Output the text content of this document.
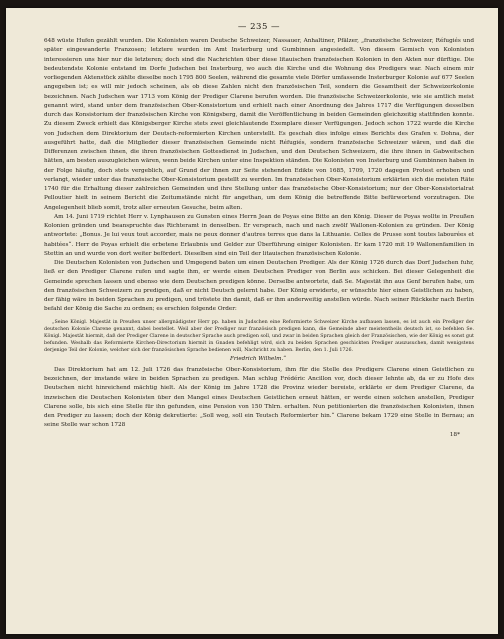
— 235 —

648 wüste Hufen gezählt wurden. Die Kolonisten waren Deutsche Schweizer, Nassauer, Anhaltiner, Pfälzer, „französische Schweizer, Réfugiés und später eingewanderte Franzosen; letztere wurden im Amt Insterburg und Gumbinnen angesiedelt. Von diesem Gemisch von Kolonisten interessieren uns hier nur die letzteren; doch sind die Nachrichten über diese litauischen französischen Kolonien in den Akten nur dürftige. Die bedeutendste Kolonie entstand im Dorfe Judschen bei Insterburg, wo auch die Kirche und die Wohnung des Predigers war. Nach einem mir vorliegenden Aktenstück zählte dieselbe noch 1795 800 Seelen, während die gesamte viele Dörfer umfassende Insterburger Kolonie auf 677 Seelen angegeben ist; es will mir jedoch scheinen, als ob diese Zahlen nicht den französischen Teil, sondern die Gesamtheit der Schweizerkolonie bezeichnen. Nach Judschen war 1713 vom König der Prediger Clarene berufen worden. Die französische Schweizerkolonie, wie sie amtlich meist genannt wird, stand unter dem französischen Ober-Konsistorium und erhielt nach einer Anordnung des Jahres 1717 die Verfügungen desselben durch das Konsistorium der französischen Kirche von Königsberg, damit die Veröffentlichung in beiden Gemeinden gleichzeitig stattfinden konnte. Zu diesem Zweck erhielt das Königsberger Kirche stets zwei gleichlautende Exemplare dieser Verfügungen. Jedoch schon 1722 wurde die Kirche von Judschen dem Direktorium der Deutsch-reformierten Kirchen unterstellt. Es geschah dies infolge eines Berichts des Grafen v. Dohna, der ausgeführt hatte, daß die Mitglieder dieser französischen Gemeinde nicht Réfugiés, sondern französische Schweizer wären, und daß die Differenzen zwischen ihnen, die ihren französischen Gottesdienst in Judschen, und den Deutschen Schweizern, die ihre ihnen in Gabweitschen hätten, am besten auszugleichen wären, wenn beide Kirchen unter eine Inspektion ständen. Die Kolonisten von Insterburg und Gumbinnen haben in der Folge häufig, doch stets vergeblich, auf Grund der ihnen zur Seite stehenden Edikte von 1685, 1709, 1720 dagegen Protest erhoben und verlangt, wieder unter das französische Ober-Konsistorium gestellt zu werden. Im französischen Ober-Konsistorium erklärten sich die meisten Räte 1740 für die Erhaltung dieser zahlreichen Gemeinden und ihre Stellung unter das französische Ober-Konsistorium; nur der Ober-Konsistorialrat Pelloutier hielt in seinem Bericht die Zeitumstände nicht für angethan, um dem König die betreffende Bitte befürwortend vorzutragen. Die Angelegenheit blieb somit, trotz aller erneuten Gesuche, beim alten.

Am 14. Juni 1719 richtet Herr v. Lynphausen zu Gunsten eines Herrn Jean de Poyas eine Bitte an den König. Dieser de Poyas wollte in Preußen Kolonien gründen und beanspruchte das Richteramt in denselben. Er versprach, nach und nach zwölf Wallonen-Kolonien zu gründen. Der König antwortete: „Bonus. Je lui veux tout accorder, mais ne peux donner d'autres terres que dans la Lithuanie. Celles de Prusse sont toutes labourées et habitées“. Herr de Poyas erhielt die erbetene Erlaubnis und Gelder zur Überführung einiger Kolonisten. Er kam 1720 mit 19 Wallonenfamilien in Stettin an und wurde von dort weiter befördert. Dieselben sind ein Teil der litauischen französischen Kolonie.

Die Deutschen Kolonisten von Judschen und Umgegend baten um einen Deutschen Prediger. Als der König 1726 durch das Dorf Judschen fuhr, ließ er den Prediger Clarene rufen und sagte ihm, er werde einen Deutschen Prediger von Berlin aus schicken. Bei dieser Gelegenheit die Gemeinde sprechen lassen und ebenso wie dem Deutschen predigen könne. Derselbe antwortete, daß Se. Majestät ihn aus Genf berufen habe, um den französischen Schweizern zu predigen, daß er nicht Deutsch gelernt habe. Der König erwiderte, er wünschte hier einen Geistlichen zu haben, der fähig wäre in beiden Sprachen zu predigen, und tröstete ihn damit, daß er ihm anderweitig anstellen würde. Nach seiner Rückkehr nach Berlin befahl der König die Sache zu ordnen; es erschien folgende Order:

„Seine Königl. Majestät in Preußen unser allergnädigster Herr pp. haben in Judschen eine Reformierte Schweizer Kirche aufbauen lassen, es ist auch ein Prediger der deutschen Kolonie Clarene genannt, dabei bestellet. Weil aber der Prediger nur französisch predigen kann, die Gemeinde aber meistentheils deutsch ist, so befehlen Se. Königl. Majestät hiermit, daß der Prediger Clarene in deutscher Sprache auch predigen soll, und zwar in beiden Sprachen gleich der Französischen, wie der König es sonst gut befunden. Weshalb das Reformierte Kirchen-Directorium hiermit in Gnaden befehligt wird, sich zu beiden Sprachen geschickten Prediger auszusuchen, damit wenigstens derjenige Teil der Kolonie, welcher sich der französischen Sprache bedienen will, Nachricht zu haben. Berlin, den 1. Juli 1726.

Friedrich Wilhelm.“

Das Direktorium hat am 12. Juli 1726 das französische Ober-Konsistorium, ihm für die Stelle des Predigers Clarene einen Geistlichen zu bezeichnen, der imstande wäre in beiden Sprachen zu predigen. Man schlug Frédéric Ancillon vor, doch dieser lehnte ab, da er zu Hofe des Deutschen nicht hinreichend mächtig hielt. Als der König im Jahre 1728 die Provinz wieder bereiste, erklärte er dem Prediger Clarene, da inzwischen die Deutschen Kolonisten über den Mangel eines Deutschen Geistlichen erneut hätten, er werde einen solchen anstellen, Prediger Clarene solle, bis sich eine Stelle für ihn gefunden, eine Pension von 150 Thlrn. erhalten. Nun petitionierten die französischen Kolonisten, ihnen den Prediger zu lassen; doch der König dekretierte: „Soll weg, soll ein Teutsch Reformierter hin.“ Clarene bekam 1729 eine Stelle in Bernau; an seine Stelle war schon 1728

18*
